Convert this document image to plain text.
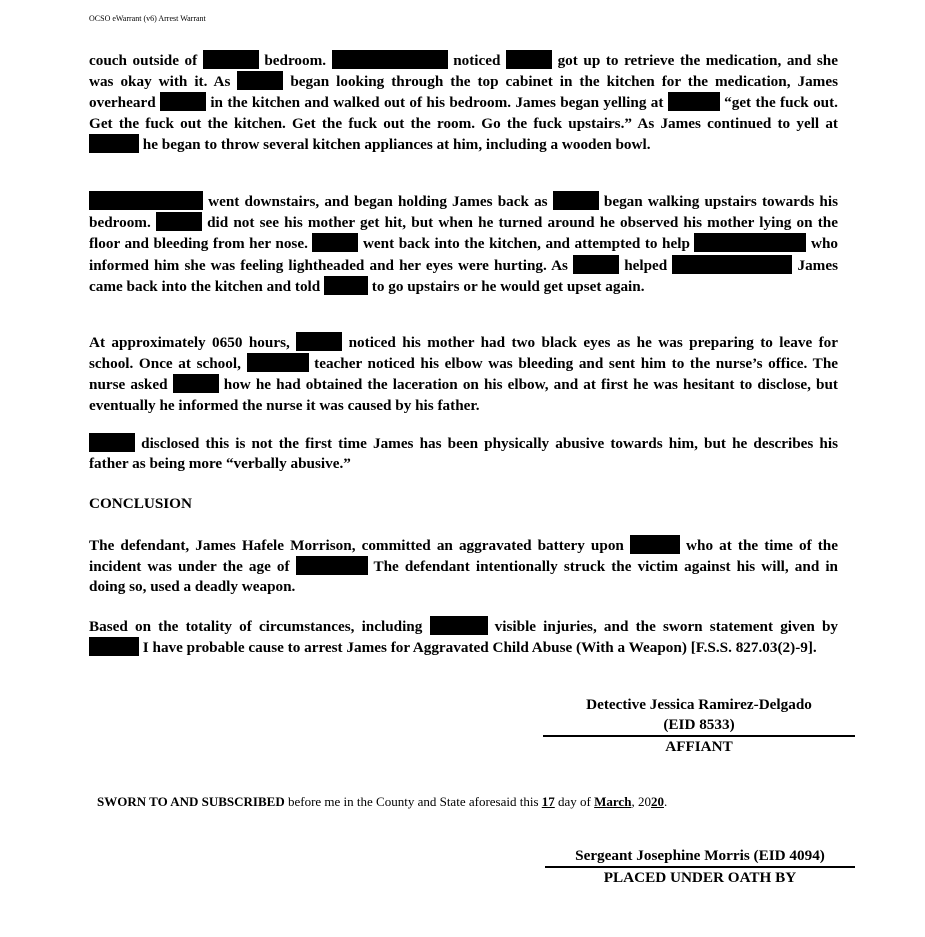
OCSO eWarrant (v6) Arrest Warrant
couch outside of	bedroom.	noticed	got up to retrieve the medication, and she was okay with it. As	began looking through the top cabinet in the kitchen for the medication, James overheard	in the kitchen and walked out of his bedroom. James began yelling at	“get the fuck out. Get the fuck out the kitchen. Get the fuck out the room. Go the fuck upstairs.” As James continued to yell at  he began to throw several kitchen appliances at him, including a wooden bowl.
went downstairs, and began holding James back as	began walking upstairs towards his bedroom.	did not see his mother get hit, but when he turned around he observed his mother lying on the floor and bleeding from her nose.	went back into the kitchen, and attempted to help	who informed him she was feeling lightheaded and her eyes were hurting. As	helped	James came back into the kitchen and told	to go upstairs or he would get upset again.
At approximately 0650 hours,	noticed his mother had two black eyes as he was preparing to leave for school. Once at school,	teacher noticed his elbow was bleeding and sent him to the nurse’s office. The nurse asked	how he had obtained the laceration on his elbow, and at first he was hesitant to disclose, but eventually he informed the nurse it was caused by his father.
disclosed this is not the first time James has been physically abusive towards him, but he describes his father as being more “verbally abusive.”
CONCLUSION
The defendant, James Hafele Morrison, committed an aggravated battery upon	who at the time of the incident was under the age of	The defendant intentionally struck the victim against his will, and in doing so, used a deadly weapon.
Based on the totality of circumstances, including	visible injuries, and the sworn statement given by  I have probable cause to arrest James for Aggravated Child Abuse (With a Weapon) [F.S.S. 827.03(2)-9].
Detective Jessica Ramirez-Delgado
(EID 8533)
AFFIANT
SWORN TO AND SUBSCRIBED before me in the County and State aforesaid this 17 day of March, 2020.
Sergeant Josephine Morris (EID 4094)
PLACED UNDER OATH BY
